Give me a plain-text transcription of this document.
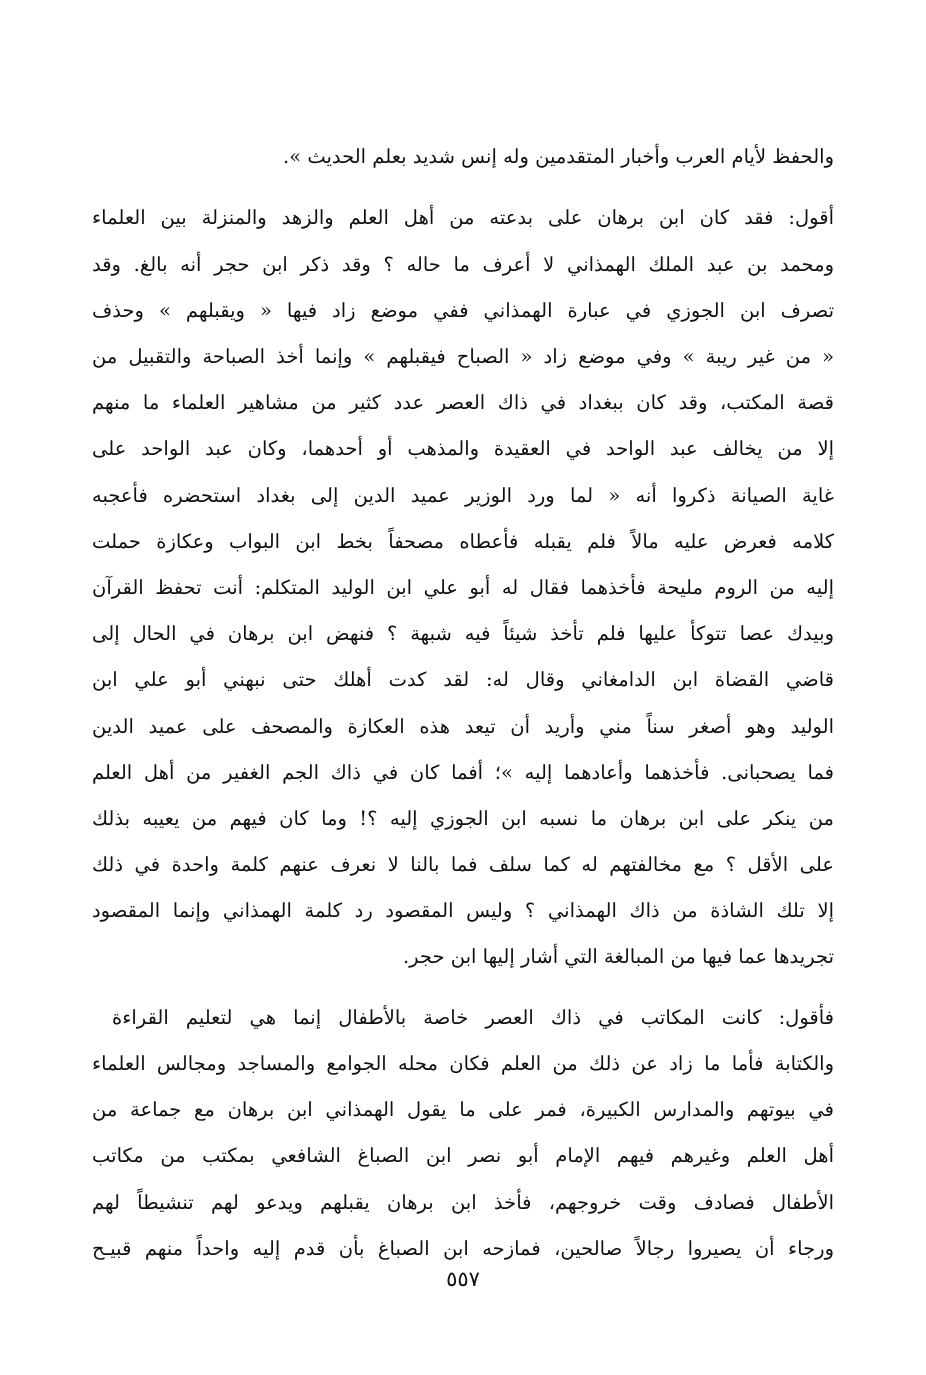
والحفظ لأيام العرب وأخبار المتقدمين وله إنس شديد بعلم الحديث ».
أقول: فقد كان ابن برهان على بدعته من أهل العلم والزهد والمنزلة بين العلماء
ومحمد بن عبد الملك الهمذاني لا أعرف ما حاله ؟ وقد ذكر ابن حجر أنه بالغ. وقد
تصرف ابن الجوزي في عبارة الهمذاني ففي موضع زاد فيها « ويقبلهم » وحذف
« من غير ريبة » وفي موضع زاد « الصباح فيقبلهم » وإنما أخذ الصباحة والتقبيل من
قصة المكتب، وقد كان ببغداد في ذاك العصر عدد كثير من مشاهير العلماء ما منهم
إلا من يخالف عبد الواحد في العقيدة والمذهب أو أحدهما، وكان عبد الواحد على
غاية الصيانة ذكروا أنه « لما ورد الوزير عميد الدين إلى بغداد استحضره فأعجبه
كلامه فعرض عليه مالاً فلم يقبله فأعطاه مصحفاً بخط ابن البواب وعكازة حملت
إليه من الروم مليحة فأخذهما فقال له أبو علي ابن الوليد المتكلم: أنت تحفظ القرآن
وبيدك عصا تتوكأ عليها فلم تأخذ شيئاً فيه شبهة ؟ فنهض ابن برهان في الحال إلى
قاضي القضاة ابن الدامغاني وقال له: لقد كدت أهلك حتى نبهني أبو علي ابن
الوليد وهو أصغر سناً مني وأريد أن تيعد هذه العكازة والمصحف على عميد الدين
فما يصحبانى. فأخذهما وأعادهما إليه »؛ أفما كان في ذاك الجم الغفير من أهل العلم
من ينكر على ابن برهان ما نسبه ابن الجوزي إليه ؟! وما كان فيهم من يعيبه بذلك
على الأقل ؟ مع مخالفتهم له كما سلف فما بالنا لا نعرف عنهم كلمة واحدة في ذلك
إلا تلك الشاذة من ذاك الهمذاني ؟ وليس المقصود رد كلمة الهمذاني وإنما المقصود
تجريدها عما فيها من المبالغة التي أشار إليها ابن حجر.
فأقول: كانت المكاتب في ذاك العصر خاصة بالأطفال إنما هي لتعليم القراءة
والكتابة فأما ما زاد عن ذلك من العلم فكان محله الجوامع والمساجد ومجالس العلماء
في بيوتهم والمدارس الكبيرة، فمر على ما يقول الهمذاني ابن برهان مع جماعة من
أهل العلم وغيرهم فيهم الإمام أبو نصر ابن الصباغ الشافعي بمكتب من مكاتب
الأطفال فصادف وقت خروجهم، فأخذ ابن برهان يقبلهم ويدعو لهم تنشيطاً لهم
ورجاء أن يصيروا رجالاً صالحين، فمازحه ابن الصباغ بأن قدم إليه واحداً منهم قبيـح
٥٥٧
